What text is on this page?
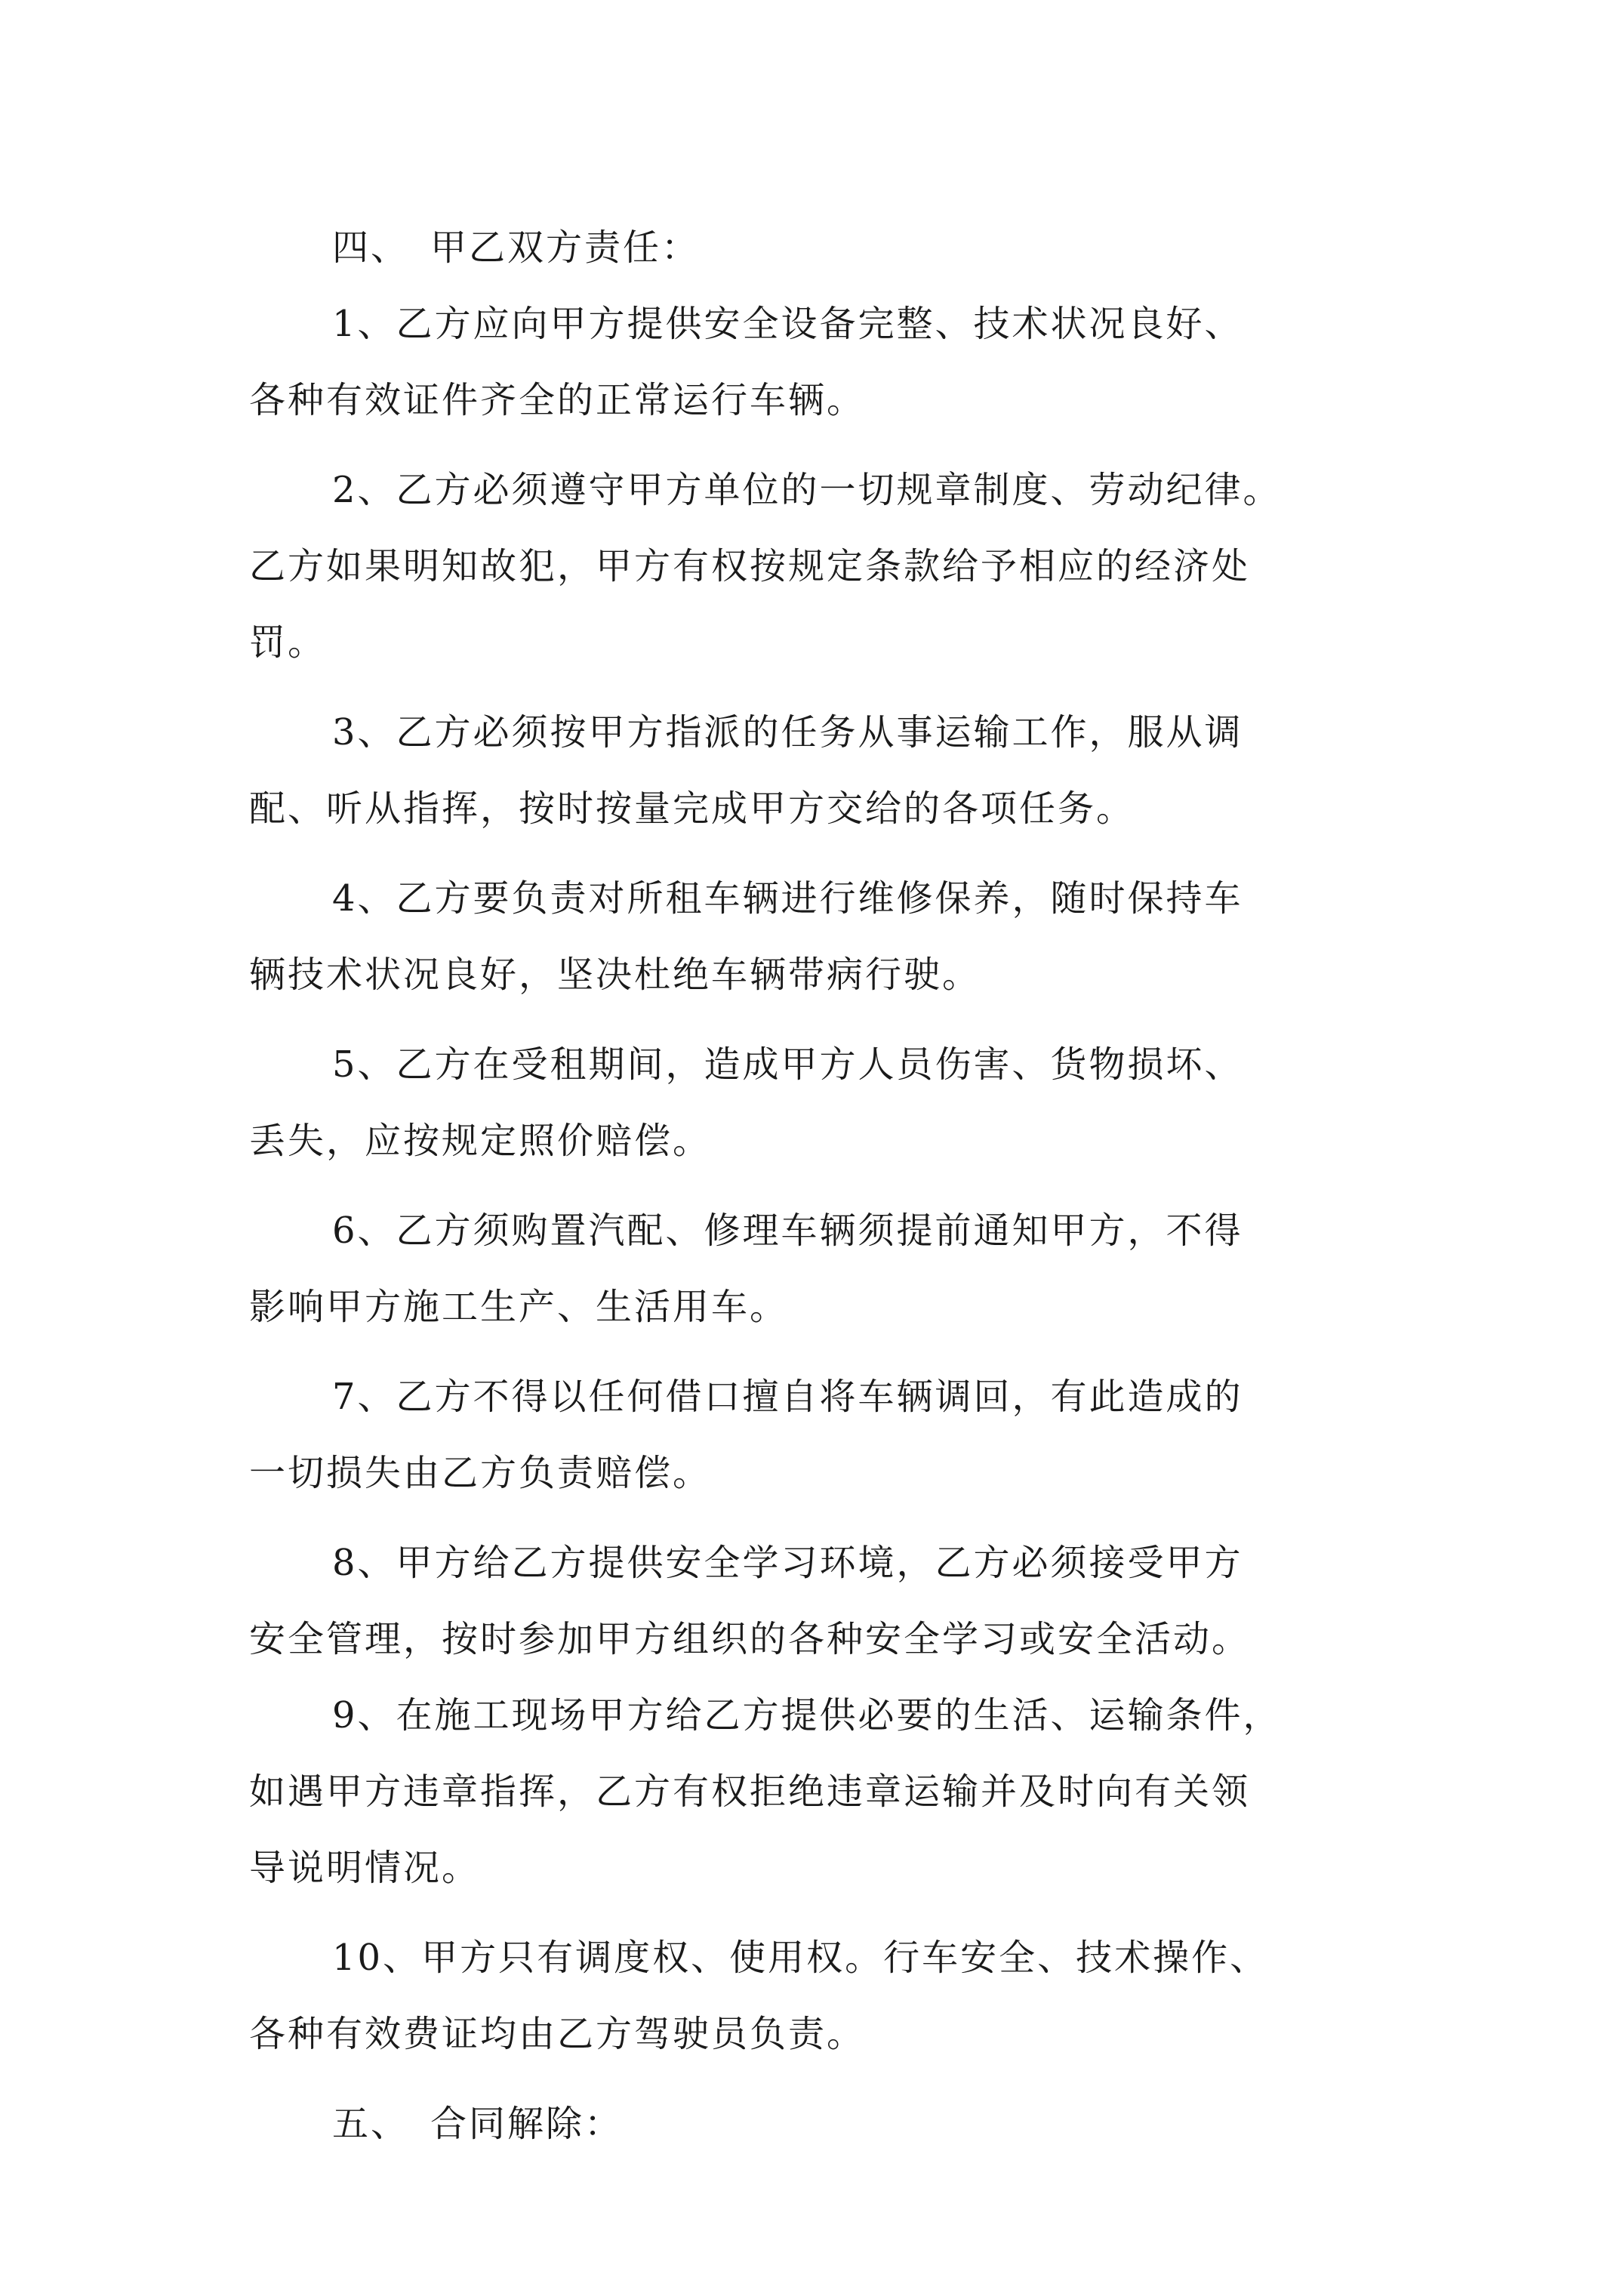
四、 甲乙双方责任：
1、乙方应向甲方提供安全设备完整、技术状况良好、
各种有效证件齐全的正常运行车辆。
2、乙方必须遵守甲方单位的一切规章制度、劳动纪律。
乙方如果明知故犯，甲方有权按规定条款给予相应的经济处
罚。
3、乙方必须按甲方指派的任务从事运输工作，服从调
配、听从指挥，按时按量完成甲方交给的各项任务。
4、乙方要负责对所租车辆进行维修保养，随时保持车
辆技术状况良好，坚决杜绝车辆带病行驶。
5、乙方在受租期间，造成甲方人员伤害、货物损坏、
丢失，应按规定照价赔偿。
6、乙方须购置汽配、修理车辆须提前通知甲方，不得
影响甲方施工生产、生活用车。
7、乙方不得以任何借口擅自将车辆调回，有此造成的
一切损失由乙方负责赔偿。
8、甲方给乙方提供安全学习环境，乙方必须接受甲方
安全管理，按时参加甲方组织的各种安全学习或安全活动。
9、在施工现场甲方给乙方提供必要的生活、运输条件，
如遇甲方违章指挥，乙方有权拒绝违章运输并及时向有关领
导说明情况。
10、甲方只有调度权、使用权。行车安全、技术操作、
各种有效费证均由乙方驾驶员负责。
五、 合同解除：
